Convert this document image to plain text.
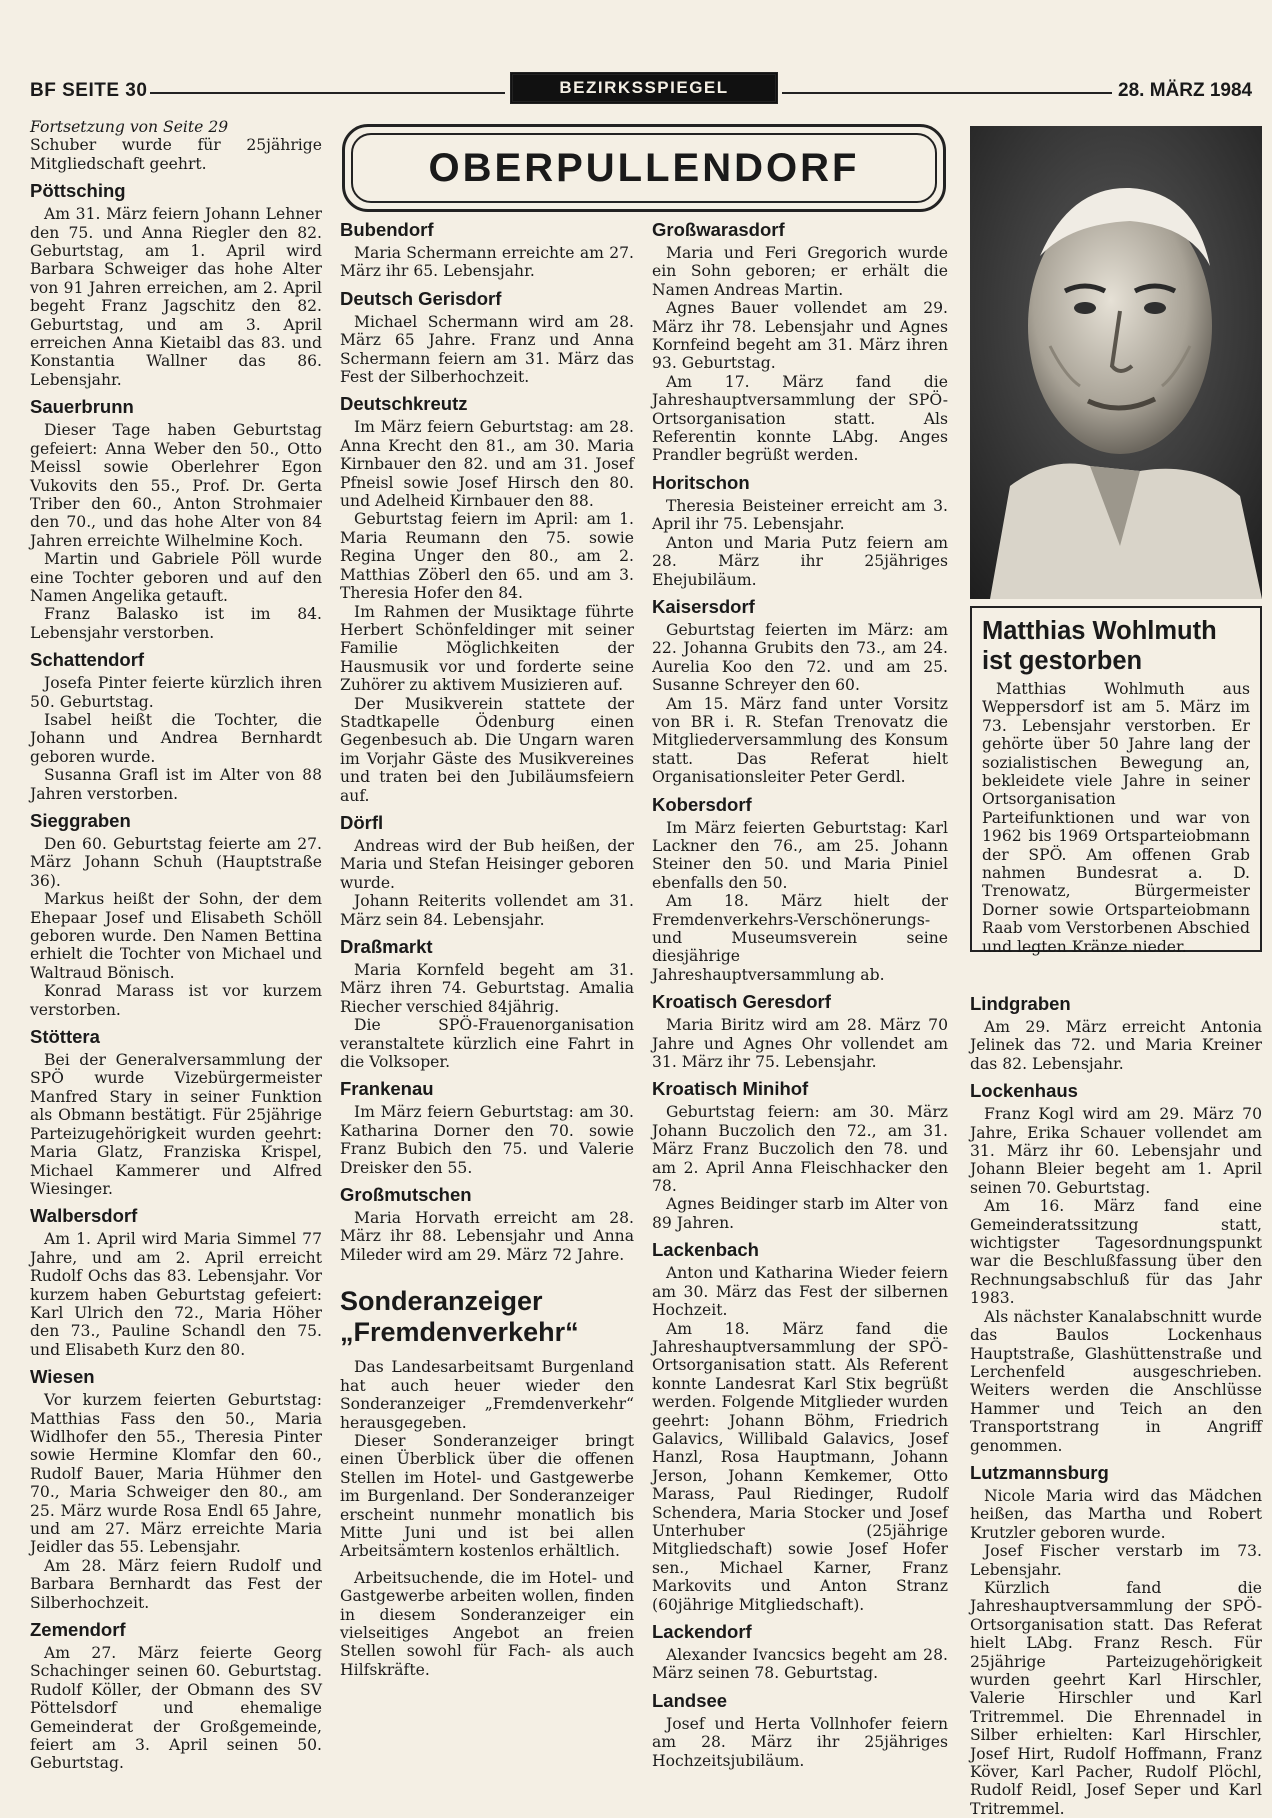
BF SEITE 30	BEZIRKSSPIEGEL	28. MÄRZ 1984
OBERPULLENDORF

Fortsetzung von Seite 29

Schuber wurde für 25jährige Mitgliedschaft geehrt.

Pöttsching

Am 31. März feiern Johann Lehner den 75. und Anna Riegler den 82. Geburtstag, am 1. April wird Barbara Schweiger das hohe Alter von 91 Jahren erreichen, am 2. April begeht Franz Jagschitz den 82. Geburtstag, und am 3. April erreichen Anna Kietaibl das 83. und Konstantia Wallner das 86. Lebensjahr.

Sauerbrunn

Dieser Tage haben Geburtstag gefeiert: Anna Weber den 50., Otto Meissl sowie Oberlehrer Egon Vukovits den 55., Prof. Dr. Gerta Triber den 60., Anton Strohmaier den 70., und das hohe Alter von 84 Jahren erreichte Wilhelmine Koch.

Martin und Gabriele Pöll wurde eine Tochter geboren und auf den Namen Angelika getauft.

Franz Balasko ist im 84. Lebensjahr verstorben.

Schattendorf

Josefa Pinter feierte kürzlich ihren 50. Geburtstag.

Isabel heißt die Tochter, die Johann und Andrea Bernhardt geboren wurde.

Susanna Grafl ist im Alter von 88 Jahren verstorben.

Sieggraben

Den 60. Geburtstag feierte am 27. März Johann Schuh (Hauptstraße 36).

Markus heißt der Sohn, der dem Ehepaar Josef und Elisabeth Schöll geboren wurde. Den Namen Bettina erhielt die Tochter von Michael und Waltraud Bönisch.

Konrad Marass ist vor kurzem verstorben.

Stöttera

Bei der Generalversammlung der SPÖ wurde Vizebürgermeister Manfred Stary in seiner Funktion als Obmann bestätigt. Für 25jährige Parteizugehörigkeit wurden geehrt: Maria Glatz, Franziska Krispel, Michael Kammerer und Alfred Wiesinger.

Walbersdorf

Am 1. April wird Maria Simmel 77 Jahre, und am 2. April erreicht Rudolf Ochs das 83. Lebensjahr. Vor kurzem haben Geburtstag gefeiert: Karl Ulrich den 72., Maria Höher den 73., Pauline Schandl den 75. und Elisabeth Kurz den 80.

Wiesen

Vor kurzem feierten Geburtstag: Matthias Fass den 50., Maria Widlhofer den 55., Theresia Pinter sowie Hermine Klomfar den 60., Rudolf Bauer, Maria Hühmer den 70., Maria Schweiger den 80., am 25. März wurde Rosa Endl 65 Jahre, und am 27. März erreichte Maria Jeidler das 55. Lebensjahr.

Am 28. März feiern Rudolf und Barbara Bernhardt das Fest der Silberhochzeit.

Zemendorf

Am 27. März feierte Georg Schachinger seinen 60. Geburtstag. Rudolf Köller, der Obmann des SV Pöttelsdorf und ehemalige Gemeinderat der Großgemeinde, feiert am 3. April seinen 50. Geburtstag.

Bubendorf

Maria Schermann erreichte am 27. März ihr 65. Lebensjahr.

Deutsch Gerisdorf

Michael Schermann wird am 28. März 65 Jahre. Franz und Anna Schermann feiern am 31. März das Fest der Silberhochzeit.

Deutschkreutz

Im März feiern Geburtstag: am 28. Anna Krecht den 81., am 30. Maria Kirnbauer den 82. und am 31. Josef Pfneisl sowie Josef Hirsch den 80. und Adelheid Kirnbauer den 88.

Geburtstag feiern im April: am 1. Maria Reumann den 75. sowie Regina Unger den 80., am 2. Matthias Zöberl den 65. und am 3. Theresia Hofer den 84.

Im Rahmen der Musiktage führte Herbert Schönfeldinger mit seiner Familie Möglichkeiten der Hausmusik vor und forderte seine Zuhörer zu aktivem Musizieren auf.

Der Musikverein stattete der Stadtkapelle Ödenburg einen Gegenbesuch ab. Die Ungarn waren im Vorjahr Gäste des Musikvereines und traten bei den Jubiläumsfeiern auf.

Dörfl

Andreas wird der Bub heißen, der Maria und Stefan Heisinger geboren wurde.

Johann Reiterits vollendet am 31. März sein 84. Lebensjahr.

Draßmarkt

Maria Kornfeld begeht am 31. März ihren 74. Geburtstag. Amalia Riecher verschied 84jährig.

Die SPÖ-Frauenorganisation veranstaltete kürzlich eine Fahrt in die Volksoper.

Frankenau

Im März feiern Geburtstag: am 30. Katharina Dorner den 70. sowie Franz Bubich den 75. und Valerie Dreisker den 55.

Großmutschen

Maria Horvath erreicht am 28. März ihr 88. Lebensjahr und Anna Mileder wird am 29. März 72 Jahre.

Sonderanzeiger „Fremdenverkehr“

Das Landesarbeitsamt Burgenland hat auch heuer wieder den Sonderanzeiger „Fremdenverkehr“ herausgegeben.

Dieser Sonderanzeiger bringt einen Überblick über die offenen Stellen im Hotel- und Gastgewerbe im Burgenland. Der Sonderanzeiger erscheint nunmehr monatlich bis Mitte Juni und ist bei allen Arbeitsämtern kostenlos erhältlich.

Arbeitsuchende, die im Hotel- und Gastgewerbe arbeiten wollen, finden in diesem Sonderanzeiger ein vielseitiges Angebot an freien Stellen sowohl für Fach- als auch Hilfskräfte.

Großwarasdorf

Maria und Feri Gregorich wurde ein Sohn geboren; er erhält die Namen Andreas Martin.

Agnes Bauer vollendet am 29. März ihr 78. Lebensjahr und Agnes Kornfeind begeht am 31. März ihren 93. Geburtstag.

Am 17. März fand die Jahreshauptversammlung der SPÖ-Ortsorganisation statt. Als Referentin konnte LAbg. Anges Prandler begrüßt werden.

Horitschon

Theresia Beisteiner erreicht am 3. April ihr 75. Lebensjahr.

Anton und Maria Putz feiern am 28. März ihr 25jähriges Ehejubiläum.

Kaisersdorf

Geburtstag feierten im März: am 22. Johanna Grubits den 73., am 24. Aurelia Koo den 72. und am 25. Susanne Schreyer den 60.

Am 15. März fand unter Vorsitz von BR i. R. Stefan Trenovatz die Mitgliederversammlung des Konsum statt. Das Referat hielt Organisationsleiter Peter Gerdl.

Kobersdorf

Im März feierten Geburtstag: Karl Lackner den 76., am 25. Johann Steiner den 50. und Maria Piniel ebenfalls den 50.

Am 18. März hielt der Fremdenverkehrs-Verschönerungs- und Museumsverein seine diesjährige Jahreshauptversammlung ab.

Kroatisch Geresdorf

Maria Biritz wird am 28. März 70 Jahre und Agnes Ohr vollendet am 31. März ihr 75. Lebensjahr.

Kroatisch Minihof

Geburtstag feiern: am 30. März Johann Buczolich den 72., am 31. März Franz Buczolich den 78. und am 2. April Anna Fleischhacker den 78.

Agnes Beidinger starb im Alter von 89 Jahren.

Lackenbach

Anton und Katharina Wieder feiern am 30. März das Fest der silbernen Hochzeit.

Am 18. März fand die Jahreshauptversammlung der SPÖ-Ortsorganisation statt. Als Referent konnte Landesrat Karl Stix begrüßt werden. Folgende Mitglieder wurden geehrt: Johann Böhm, Friedrich Galavics, Willibald Galavics, Josef Hanzl, Rosa Hauptmann, Johann Jerson, Johann Kemkemer, Otto Marass, Paul Riedinger, Rudolf Schendera, Maria Stocker und Josef Unterhuber (25jährige Mitgliedschaft) sowie Josef Hofer sen., Michael Karner, Franz Markovits und Anton Stranz (60jährige Mitgliedschaft).

Lackendorf

Alexander Ivancsics begeht am 28. März seinen 78. Geburtstag.

Landsee

Josef und Herta Vollnhofer feiern am 28. März ihr 25jähriges Hochzeitsjubiläum.

Matthias Wohlmuth ist gestorben

Matthias Wohlmuth aus Weppersdorf ist am 5. März im 73. Lebensjahr verstorben. Er gehörte über 50 Jahre lang der sozialistischen Bewegung an, bekleidete viele Jahre in seiner Ortsorganisation Parteifunktionen und war von 1962 bis 1969 Ortsparteiobmann der SPÖ. Am offenen Grab nahmen Bundesrat a. D. Trenowatz, Bürgermeister Dorner sowie Ortsparteiobmann Raab vom Verstorbenen Abschied und legten Kränze nieder.

Lindgraben

Am 29. März erreicht Antonia Jelinek das 72. und Maria Kreiner das 82. Lebensjahr.

Lockenhaus

Franz Kogl wird am 29. März 70 Jahre, Erika Schauer vollendet am 31. März ihr 60. Lebensjahr und Johann Bleier begeht am 1. April seinen 70. Geburtstag.

Am 16. März fand eine Gemeinderatssitzung statt, wichtigster Tagesordnungspunkt war die Beschlußfassung über den Rechnungsabschluß für das Jahr 1983.

Als nächster Kanalabschnitt wurde das Baulos Lockenhaus Hauptstraße, Glashüttenstraße und Lerchenfeld ausgeschrieben. Weiters werden die Anschlüsse Hammer und Teich an den Transportstrang in Angriff genommen.

Lutzmannsburg

Nicole Maria wird das Mädchen heißen, das Martha und Robert Krutzler geboren wurde.

Josef Fischer verstarb im 73. Lebensjahr.

Kürzlich fand die Jahreshauptversammlung der SPÖ-Ortsorganisation statt. Das Referat hielt LAbg. Franz Resch. Für 25jährige Parteizugehörigkeit wurden geehrt Karl Hirschler, Valerie Hirschler und Karl Tritremmel. Die Ehrennadel in Silber erhielten: Karl Hirschler, Josef Hirt, Rudolf Hoffmann, Franz Köver, Karl Pacher, Rudolf Plöchl, Rudolf Reidl, Josef Seper und Karl Tritremmel.
